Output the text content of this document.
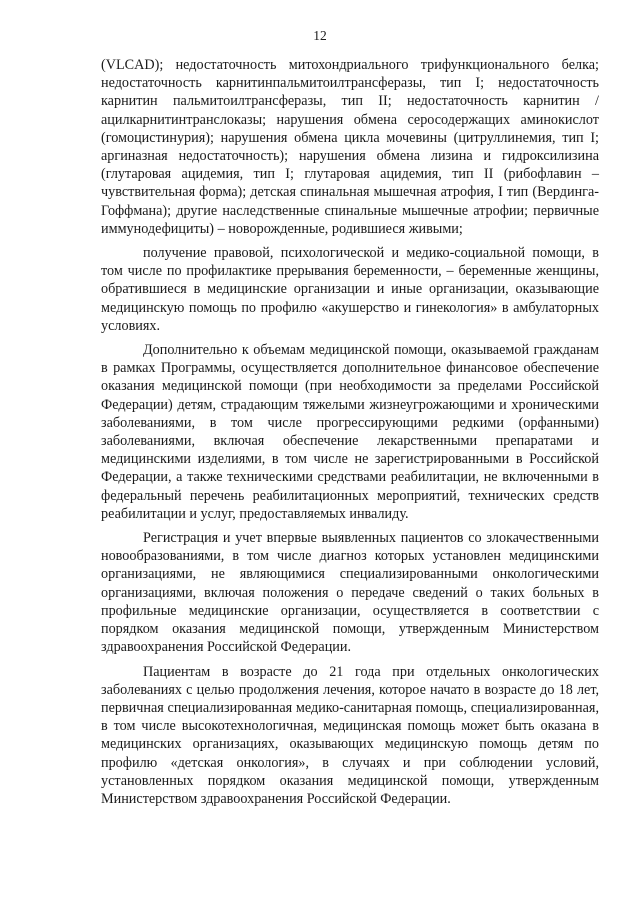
12

(VLCAD); недостаточность митохондриального трифункционального белка; недостаточность карнитинпальмитоилтрансферазы, тип I; недостаточность карнитин пальмитоилтрансферазы, тип II; недостаточность карнитин / ацилкарнитинтранслоказы; нарушения обмена серосодержащих аминокислот (гомоцистинурия); нарушения обмена цикла мочевины (цитруллинемия, тип I; аргиназная недостаточность); нарушения обмена лизина и гидроксилизина (глутаровая ацидемия, тип I; глутаровая ацидемия, тип II (рибофлавин – чувствительная форма); детская спинальная мышечная атрофия, I тип (Вердинга-Гоффмана); другие наследственные спинальные мышечные атрофии; первичные иммунодефициты) – новорожденные, родившиеся живыми;

получение правовой, психологической и медико-социальной помощи, в том числе по профилактике прерывания беременности, – беременные женщины, обратившиеся в медицинские организации и иные организации, оказывающие медицинскую помощь по профилю «акушерство и гинекология» в амбулаторных условиях.

Дополнительно к объемам медицинской помощи, оказываемой гражданам в рамках Программы, осуществляется дополнительное финансовое обеспечение оказания медицинской помощи (при необходимости за пределами Российской Федерации) детям, страдающим тяжелыми жизнеугрожающими и хроническими заболеваниями, в том числе прогрессирующими редкими (орфанными) заболеваниями, включая обеспечение лекарственными препаратами и медицинскими изделиями, в том числе не зарегистрированными в Российской Федерации, а также техническими средствами реабилитации, не включенными в федеральный перечень реабилитационных мероприятий, технических средств реабилитации и услуг, предоставляемых инвалиду.

Регистрация и учет впервые выявленных пациентов со злокачественными новообразованиями, в том числе диагноз которых установлен медицинскими организациями, не являющимися специализированными онкологическими организациями, включая положения о передаче сведений о таких больных в профильные медицинские организации, осуществляется в соответствии с порядком оказания медицинской помощи, утвержденным Министерством здравоохранения Российской Федерации.

Пациентам в возрасте до 21 года при отдельных онкологических заболеваниях с целью продолжения лечения, которое начато в возрасте до 18 лет, первичная специализированная медико-санитарная помощь, специализированная, в том числе высокотехнологичная, медицинская помощь может быть оказана в медицинских организациях, оказывающих медицинскую помощь детям по профилю «детская онкология», в случаях и при соблюдении условий, установленных порядком оказания медицинской помощи, утвержденным Министерством здравоохранения Российской Федерации.
